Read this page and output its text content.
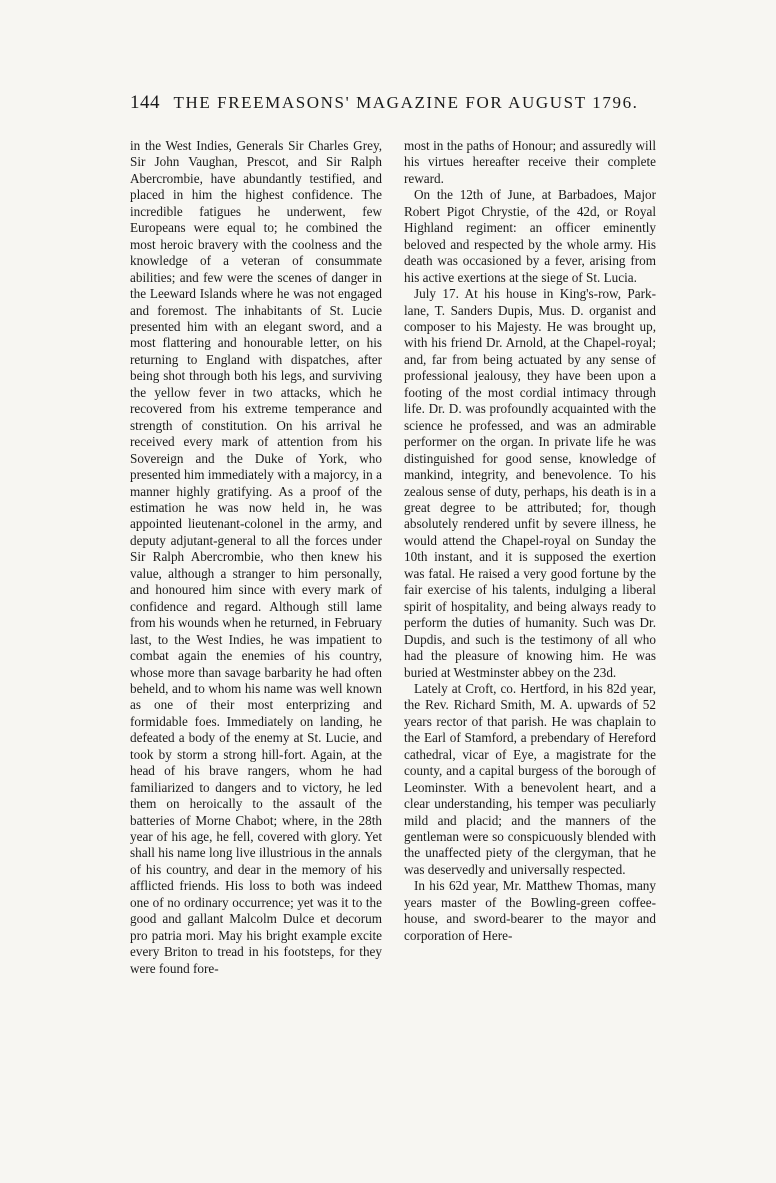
144 THE FREEMASONS' MAGAZINE FOR AUGUST 1796.

in the West Indies, Generals Sir Charles Grey, Sir John Vaughan, Prescot, and Sir Ralph Abercrombie, have abundantly testified, and placed in him the highest confidence. The incredible fatigues he underwent, few Europeans were equal to; he combined the most heroic bravery with the coolness and the knowledge of a veteran of consummate abilities; and few were the scenes of danger in the Leeward Islands where he was not engaged and foremost. The inhabitants of St. Lucie presented him with an elegant sword, and a most flattering and honourable letter, on his returning to England with dispatches, after being shot through both his legs, and surviving the yellow fever in two attacks, which he recovered from his extreme temperance and strength of constitution. On his arrival he received every mark of attention from his Sovereign and the Duke of York, who presented him immediately with a majorcy, in a manner highly gratifying. As a proof of the estimation he was now held in, he was appointed lieutenant-colonel in the army, and deputy adjutant-general to all the forces under Sir Ralph Abercrombie, who then knew his value, although a stranger to him personally, and honoured him since with every mark of confidence and regard. Although still lame from his wounds when he returned, in February last, to the West Indies, he was impatient to combat again the enemies of his country, whose more than savage barbarity he had often beheld, and to whom his name was well known as one of their most enterprizing and formidable foes. Immediately on landing, he defeated a body of the enemy at St. Lucie, and took by storm a strong hill-fort. Again, at the head of his brave rangers, whom he had familiarized to dangers and to victory, he led them on heroically to the assault of the batteries of Morne Chabot; where, in the 28th year of his age, he fell, covered with glory. Yet shall his name long live illustrious in the annals of his country, and dear in the memory of his afflicted friends. His loss to both was indeed one of no ordinary occurrence; yet was it to the good and gallant Malcolm Dulce et decorum pro patria mori. May his bright example excite every Briton to tread in his footsteps, for they were found fore-

most in the paths of Honour; and assuredly will his virtues hereafter receive their complete reward.

On the 12th of June, at Barbadoes, Major Robert Pigot Chrystie, of the 42d, or Royal Highland regiment: an officer eminently beloved and respected by the whole army. His death was occasioned by a fever, arising from his active exertions at the siege of St. Lucia.

July 17. At his house in King's-row, Park-lane, T. Sanders Dupis, Mus. D. organist and composer to his Majesty. He was brought up, with his friend Dr. Arnold, at the Chapel-royal; and, far from being actuated by any sense of professional jealousy, they have been upon a footing of the most cordial intimacy through life. Dr. D. was profoundly acquainted with the science he professed, and was an admirable performer on the organ. In private life he was distinguished for good sense, knowledge of mankind, integrity, and benevolence. To his zealous sense of duty, perhaps, his death is in a great degree to be attributed; for, though absolutely rendered unfit by severe illness, he would attend the Chapel-royal on Sunday the 10th instant, and it is supposed the exertion was fatal. He raised a very good fortune by the fair exercise of his talents, indulging a liberal spirit of hospitality, and being always ready to perform the duties of humanity. Such was Dr. Dupdis, and such is the testimony of all who had the pleasure of knowing him. He was buried at Westminster abbey on the 23d.

Lately at Croft, co. Hertford, in his 82d year, the Rev. Richard Smith, M. A. upwards of 52 years rector of that parish. He was chaplain to the Earl of Stamford, a prebendary of Hereford cathedral, vicar of Eye, a magistrate for the county, and a capital burgess of the borough of Leominster. With a benevolent heart, and a clear understanding, his temper was peculiarly mild and placid; and the manners of the gentleman were so conspicuously blended with the unaffected piety of the clergyman, that he was deservedly and universally respected.

In his 62d year, Mr. Matthew Thomas, many years master of the Bowling-green coffee-house, and sword-bearer to the mayor and corporation of Here-
